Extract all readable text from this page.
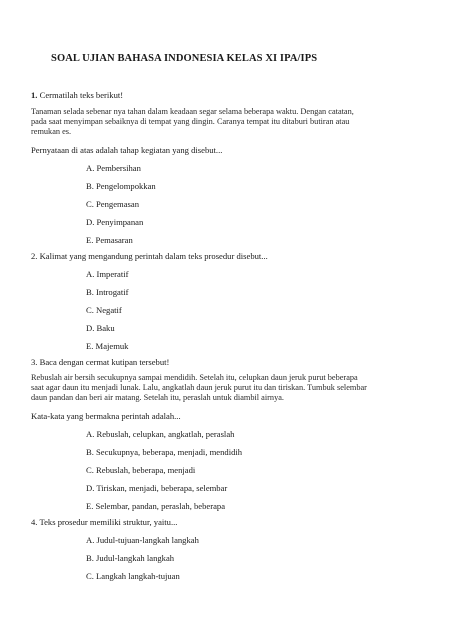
SOAL UJIAN BAHASA INDONESIA KELAS XI IPA/IPS
1. Cermatilah teks berikut!
Tanaman selada sebenar nya tahan dalam keadaan segar selama beberapa waktu. Dengan catatan,
pada saat menyimpan sebaiknya di tempat yang dingin. Caranya tempat itu ditaburi butiran atau
remukan es.
Pernyataan di atas adalah tahap kegiatan yang disebut...
A. Pembersihan
B. Pengelompokkan
C. Pengemasan
D. Penyimpanan
E. Pemasaran
2. Kalimat yang mengandung perintah dalam teks prosedur disebut...
A. Imperatif
B. Introgatif
C. Negatif
D. Baku
E. Majemuk
3. Baca dengan cermat kutipan tersebut!
Rebuslah air bersih secukupnya sampai mendidih. Setelah itu, celupkan daun jeruk purut beberapa
saat agar daun itu menjadi lunak. Lalu, angkatlah daun jeruk purut itu dan tiriskan. Tumbuk selembar
daun pandan dan beri air matang. Setelah itu, peraslah untuk diambil airnya.
Kata-kata yang bermakna perintah adalah...
A. Rebuslah, celupkan, angkatlah, peraslah
B. Secukupnya, beberapa, menjadi, mendidih
C. Rebuslah, beberapa, menjadi
D. Tiriskan, menjadi, beberapa, selembar
E. Selembar, pandan, peraslah, beberapa
4. Teks prosedur memiliki struktur, yaitu...
A. Judul-tujuan-langkah langkah
B. Judul-langkah langkah
C. Langkah langkah-tujuan
